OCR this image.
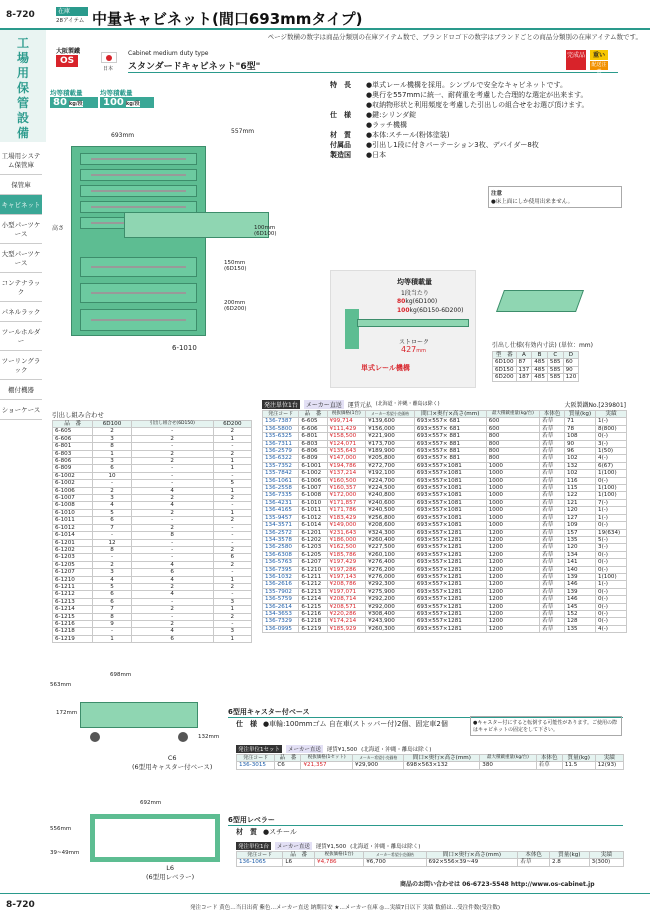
8-720	在庫
28アイテム 中量キャビネット(間口693mmタイプ)
ページ数横の数字は商品分類別の在庫アイテム数で、ブランドロゴ下の数字はブランドごとの商品分類別の在庫アイテム数です。
工場用保管設備
工場用システム保管庫
保管庫
キャビネット
小型パーツケース
大型パーツケース
コンテナラック
パネルラック
ツールホルダー
ツーリングラック
棚付機器
ショーケース
大阪製鐵
OS
日本
Cabinet medium duty type
スタンダードキャビネット"6型"
完成品	重い
配送注意
均等積載量
80 kg/段
均等積載量
100 kg/段
693mm
557mm
高さ	100mm
(6D100)
150mm
(6D150)
200mm
(6D200)
6-1010
特　長	●単式レール機構を採用。シンプルで安全なキャビネットです。
●奥行を557mmに統一、耐荷重を考慮した合理的な選定が出来ます。
●収納物形状と利用頻度を考慮した引出しの組合せをお選び頂けます。
仕　様	●鍵:シリンダ錠
●ラッチ機構
材　質	●本体:スチール(粉体塗装)
付属品	●引出し1段に付きパーテーション3枚、デバイダー8枚
製造国	●日本
注意
●床上面にしか使用出来ません。
均等積載量
1段当たり
80kg(6D100)
100kg(6D150-6D200)
ストローク
427mm
単式レール機構
引出し仕様(有効内寸法) (単位：mm)
型　番	A	B	C	D
6D100	87	485	585	60
6D150	137	485	585	90
6D200	187	485	585	120
引出し組み合わせ
品　番	6D100	引出し組合せ(6D150)	6D200
6-605	2	-	2
6-606	3	2	1
6-801	8	-	-
6-803	1	2	2
6-806	3	2	1
6-809	6	-	1
6-1002	10	-	-
6-1002	-	-	5
6-1006	2	4	1
6-1007	3	2	2
6-1008	4	4	-
6-1010	5	2	1
6-1011	6	-	2
6-1012	7	2	-
6-1014	-	8	-
6-1201	12	-	-
6-1202	8	-	2
6-1203	-	-	6
6-1205	2	4	2
6-1207	3	6	-
6-1210	4	4	1
6-1211	5	2	2
6-1212	6	4	-
6-1213	6	-	3
6-1214	7	2	1
6-1215	8	-	2
6-1216	9	2	-
6-1218	-	4	3
6-1219	1	6	1
発注単位1台	メーカー直送	運賃元払 (北海道・沖縄・離島は除く)	大阪製鐵No.[239801]
発注コード	品　番	税抜価格(1台)	メーカー希望小売価格	間口×奥行×高さ(mm)	最大積載重量(kg/台)	本体色	質量(kg)	実績
136-7387	6-605	¥99,714	¥139,600	693×557× 681	600	若草	71	1(-)
136-5800	6-606	¥111,429	¥156,000	693×557× 681	600	若草	78	8(800)
135-6325	6-801	¥158,500	¥221,900	693×557× 881	800	若草	108	0(-)
136-7311	6-803	¥124,071	¥173,700	693×557× 881	800	若草	90	3(-)
136-2579	6-806	¥135,643	¥189,900	693×557× 881	800	若草	96	1(50)
136-6322	6-809	¥147,000	¥205,800	693×557× 881	800	若草	102	4(-)
135-7352	6-1001	¥194,786	¥272,700	693×557×1081	1000	若草	132	6(67)
135-7842	6-1002	¥137,214	¥192,100	693×557×1081	1000	若草	102	1(100)
136-1061	6-1006	¥160,500	¥224,700	693×557×1081	1000	若草	116	0(-)
136-2558	6-1007	¥160,357	¥224,500	693×557×1081	1000	若草	115	1(100)
136-7335	6-1008	¥172,000	¥240,800	693×557×1081	1000	若草	122	1(100)
136-4231	6-1010	¥171,857	¥240,600	693×557×1081	1000	若草	121	7(-)
136-4165	6-1011	¥171,786	¥240,500	693×557×1081	1000	若草	120	1(-)
135-9457	6-1012	¥183,429	¥256,800	693×557×1081	1000	若草	127	1(-)
134-3571	6-1014	¥149,000	¥208,600	693×557×1081	1000	若草	109	0(-)
136-2572	6-1201	¥231,643	¥324,300	693×557×1281	1200	若草	157	19(634)
134-3578	6-1202	¥186,000	¥260,400	693×557×1281	1200	若草	135	5(-)
136-2580	6-1203	¥162,500	¥227,500	693×557×1281	1200	若草	120	3(-)
136-6308	6-1205	¥185,786	¥260,100	693×557×1281	1200	若草	134	0(-)
136-5763	6-1207	¥197,429	¥276,400	693×557×1281	1200	若草	141	0(-)
136-7395	6-1210	¥197,286	¥276,200	693×557×1281	1200	若草	140	0(-)
136-1032	6-1211	¥197,143	¥276,000	693×557×1281	1200	若草	139	1(100)
136-2616	6-1212	¥208,786	¥292,300	693×557×1281	1200	若草	146	1(-)
135-7902	6-1213	¥197,071	¥275,900	693×557×1281	1200	若草	139	0(-)
136-5759	6-1214	¥208,714	¥292,200	693×557×1281	1200	若草	146	0(-)
136-2614	6-1215	¥208,571	¥292,000	693×557×1281	1200	若草	145	0(-)
134-3653	6-1216	¥220,286	¥308,400	693×557×1281	1200	若草	152	0(-)
136-7329	6-1218	¥174,214	¥243,900	693×557×1281	1200	若草	128	0(-)
136-0995	6-1219	¥185,929	¥260,300	693×557×1281	1200	若草	135	4(-)
698mm
563mm
172mm
132mm
C6
(6型用キャスター付ベース)
6型用キャスター付ベース
仕　様 ●車輪:100mmゴム 自在車(ストッパー付)2個、固定車2個	●キャスター付にすると転倒する可能性があります。ご使用の際はキャビネットの固定をして下さい。
発注単位1セット	メーカー直送	運賃¥1,500 (北海道・沖縄・離島は除く)
発注コード	品　番	税抜価格(1セット)	メーカー希望小売価格	間口×奥行×高さ(mm)	最大積載重量(kg/台)	本体色	質量(kg)	実績
136-3015	C6	¥21,357	¥29,900	698×563×132	380	若草	11.5	12(93)
692mm
556mm
39~49mm
L6
(6型用レベラー)
6型用レベラー
材　質 ●スチール
発注単位1台	メーカー直送	運賃¥1,500 (北海道・沖縄・離島は除く)
発注コード	品　番	税抜価格(1台)	メーカー希望小売価格	間口×奥行×高さ(mm)	本体色	質量(kg)	実績
136-1065	L6	¥4,786	¥6,700	692×556×39~49	若草	2.8	3(300)
商品のお問い合わせは 06-6723-5548 http://www.os-cabinet.jp
8-720	発注コード 黄色…当日出荷 紫色…メーカー直送 納期目安 ★…メーカー在庫 ◎…実績7日以下 実績 数値は…受注件数(受注数)
